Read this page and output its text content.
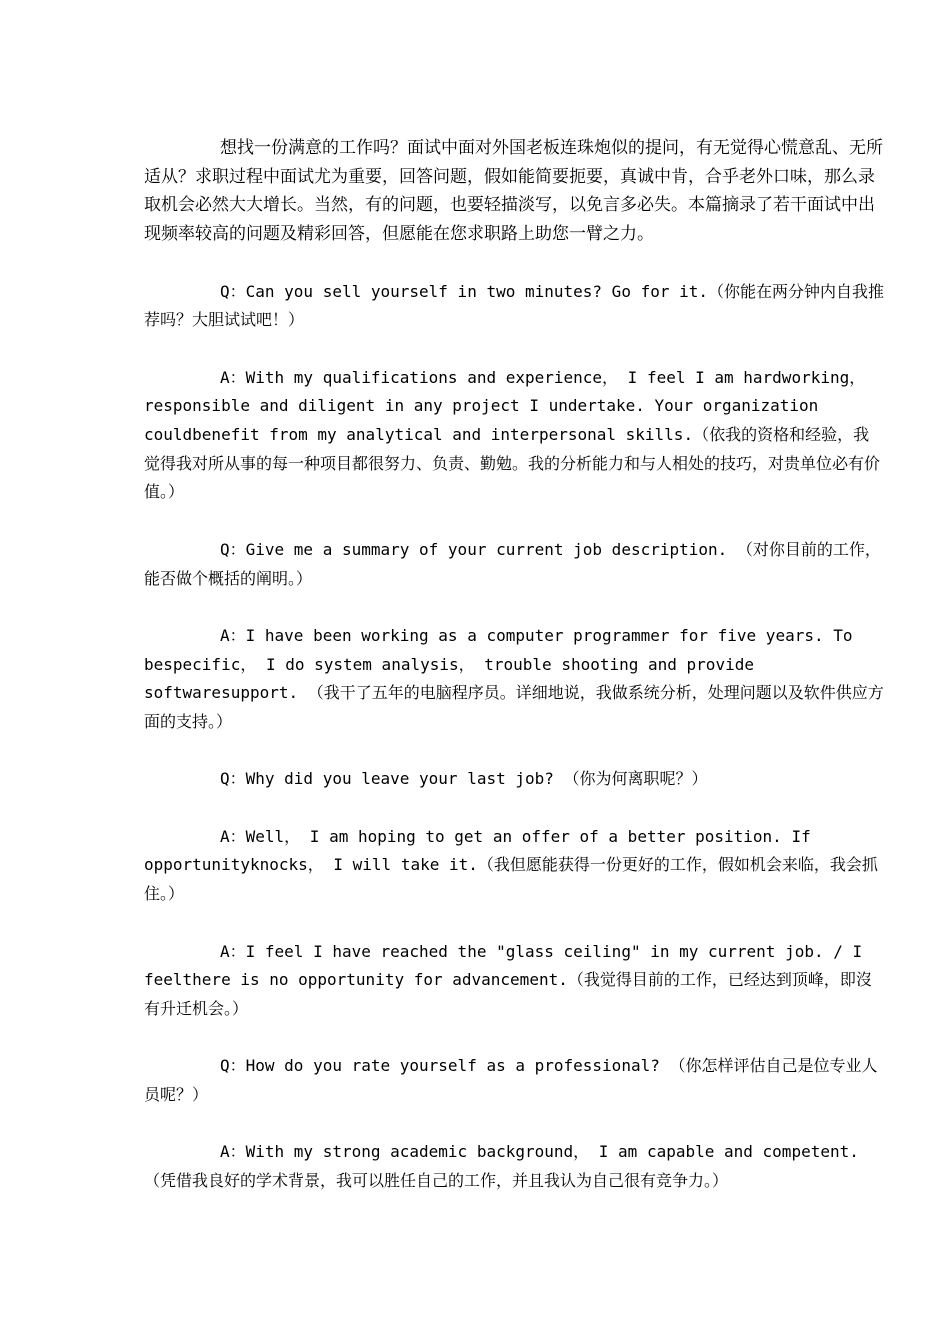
想找一份满意的工作吗？面试中面对外国老板连珠炮似的提问，有无觉得心慌意乱、无所适从？求职过程中面试尤为重要，回答问题，假如能简要扼要，真诚中肯，合乎老外口味，那么录取机会必然大大增长。当然，有的问题，也要轻描淡写，以免言多必失。本篇摘录了若干面试中出现频率较高的问题及精彩回答，但愿能在您求职路上助您一臂之力。

Q：Can you sell yourself in two minutes? Go for it.（你能在两分钟内自我推荐吗？大胆试试吧！）

A：With my qualifications and experience， I feel I am hardworking，responsible and diligent in any project I undertake. Your organization couldbenefit from my analytical and interpersonal skills.（依我的资格和经验，我觉得我对所从事的每一种项目都很努力、负责、勤勉。我的分析能力和与人相处的技巧，对贵单位必有价值。）

Q：Give me a summary of your current job description. （对你目前的工作，能否做个概括的阐明。）

A：I have been working as a computer programmer for five years. To bespecific， I do system analysis， trouble shooting and provide softwaresupport. （我干了五年的电脑程序员。详细地说，我做系统分析，处理问题以及软件供应方面的支持。）

Q：Why did you leave your last job? （你为何离职呢？）

A：Well， I am hoping to get an offer of a better position. If opportunityknocks， I will take it.（我但愿能获得一份更好的工作，假如机会来临，我会抓住。）

A：I feel I have reached the "glass ceiling" in my current job. / I feelthere is no opportunity for advancement.（我觉得目前的工作，已经达到顶峰，即沒有升迁机会。）

Q：How do you rate yourself as a professional? （你怎样评估自己是位专业人员呢？）

A：With my strong academic background， I am capable and competent.（凭借我良好的学术背景，我可以胜任自己的工作，并且我认为自己很有竞争力。）
